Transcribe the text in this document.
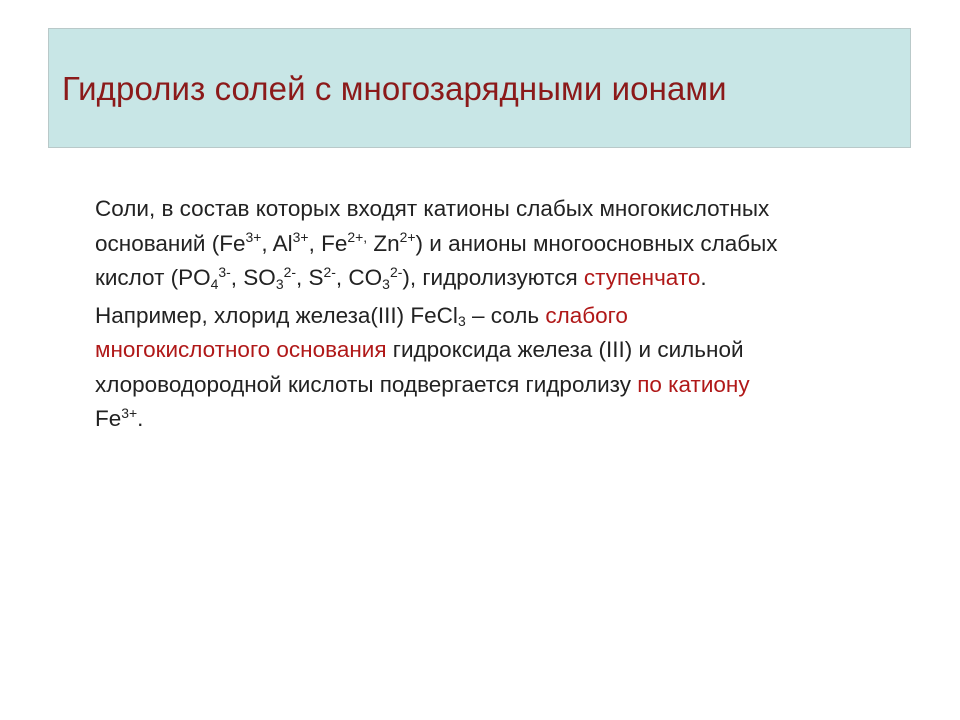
Гидролиз солей с многозарядными ионами

Соли, в состав которых входят катионы слабых многокислотных
оснований ($Fe^{3+}$, $Al^{3+}$, $Fe^{2+,}$ $Zn^{2+}$) и анионы многоосновных слабых
кислот ($PO_4^{3-}$, $SO_3^{2-}$, $S^{2-}$, $CO_3^{2-}$), гидролизуются ступенчато.

Например, хлорид железа(III) FeCl$_3$ – соль слабого
многокислотного основания гидроксида железа (III) и сильной
хлороводородной кислоты подвергается гидролизу по катиону
$Fe^{3+}$.
